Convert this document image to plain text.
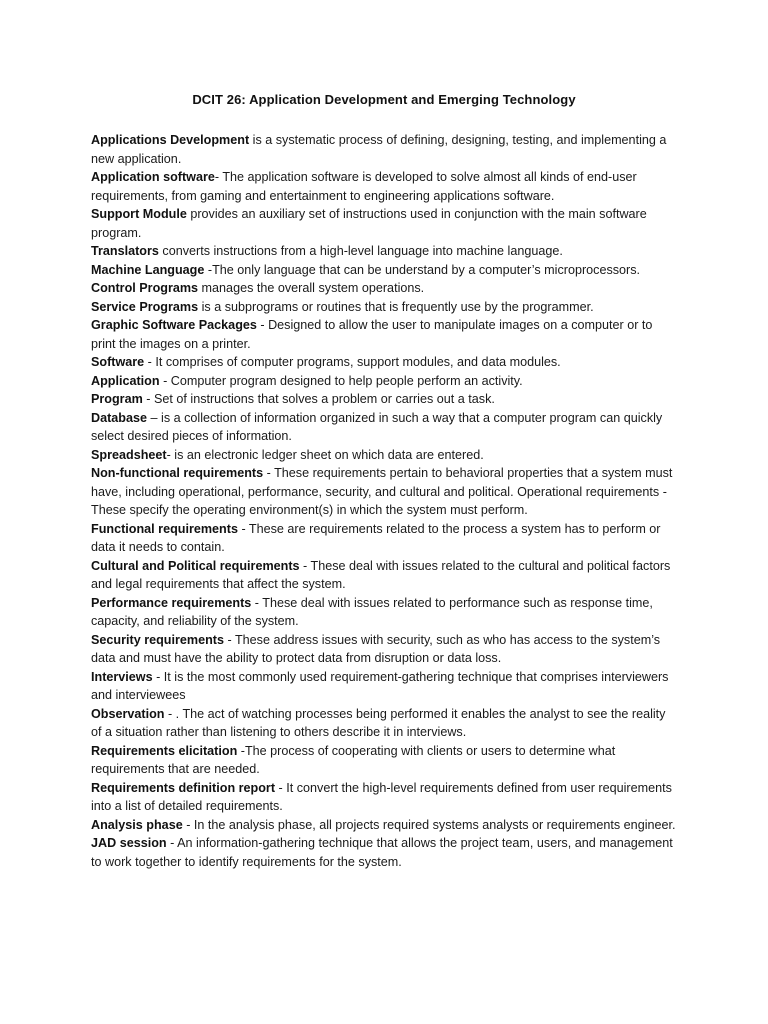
DCIT 26: Application Development and Emerging Technology

Applications Development is a systematic process of defining, designing, testing, and implementing a new application.

Application software- The application software is developed to solve almost all kinds of end-user requirements, from gaming and entertainment to engineering applications software.

Support Module provides an auxiliary set of instructions used in conjunction with the main software program.

Translators converts instructions from a high-level language into machine language.

Machine Language -The only language that can be understand by a computer’s microprocessors.

Control Programs manages the overall system operations.

Service Programs is a subprograms or routines that is frequently use by the programmer.

Graphic Software Packages - Designed to allow the user to manipulate images on a computer or to print the images on a printer.

Software - It comprises of computer programs, support modules, and data modules.

Application - Computer program designed to help people perform an activity.

Program - Set of instructions that solves a problem or carries out a task.

Database – is a collection of information organized in such a way that a computer program can quickly select desired pieces of information.

Spreadsheet- is an electronic ledger sheet on which data are entered.

Non-functional requirements - These requirements pertain to behavioral properties that a system must have, including operational, performance, security, and cultural and political. Operational requirements - These specify the operating environment(s) in which the system must perform.

Functional requirements - These are requirements related to the process a system has to perform or data it needs to contain.

Cultural and Political requirements - These deal with issues related to the cultural and political factors and legal requirements that affect the system.

Performance requirements - These deal with issues related to performance such as response time, capacity, and reliability of the system.

Security requirements - These address issues with security, such as who has access to the system’s data and must have the ability to protect data from disruption or data loss.

Interviews - It is the most commonly used requirement-gathering technique that comprises interviewers and interviewees

Observation - . The act of watching processes being performed it enables the analyst to see the reality of a situation rather than listening to others describe it in interviews.

Requirements elicitation -The process of cooperating with clients or users to determine what requirements that are needed.

Requirements definition report - It convert the high-level requirements defined from user requirements into a list of detailed requirements.

Analysis phase - In the analysis phase, all projects required systems analysts or requirements engineer.

JAD session - An information-gathering technique that allows the project team, users, and management to work together to identify requirements for the system.
